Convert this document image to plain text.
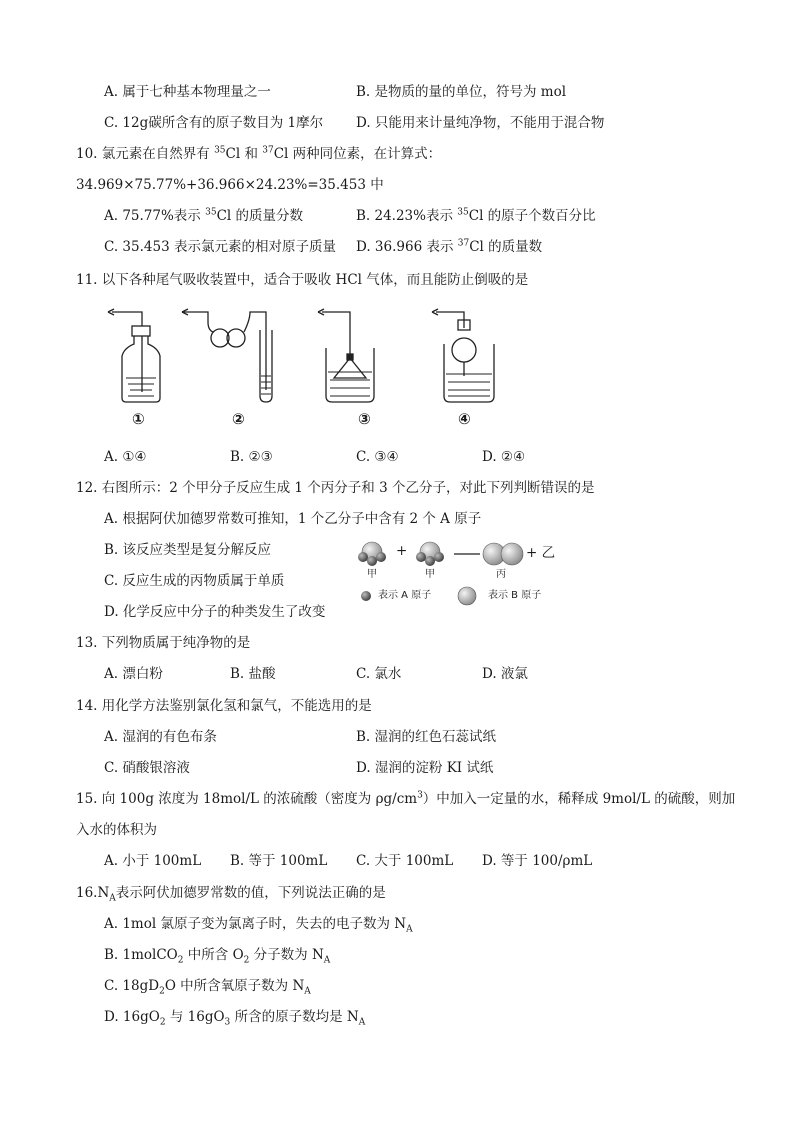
A. 属于七种基本物理量之一	B. 是物质的量的单位，符号为 mol
C. 12g碳所含有的原子数目为 1摩尔 D. 只能用来计量纯净物，不能用于混合物
10. 氯元素在自然界有 $^{35}$Cl 和 $^{37}$Cl 两种同位素，在计算式：
34.969×75.77%+36.966×24.23%=35.453 中
A. 75.77%表示 $^{35}$Cl 的质量分数	B. 24.23%表示 $^{35}$Cl 的原子个数百分比
C. 35.453 表示氯元素的相对原子质量 D. 36.966 表示 $^{37}$Cl 的质量数
11. 以下各种尾气吸收装置中，适合于吸收 HCl 气体，而且能防止倒吸的是
①	②	③	④
A. ①④	B. ②③	C. ③④	D. ②④
12. 右图所示：2 个甲分子反应生成 1 个丙分子和 3 个乙分子，对此下列判断错误的是
A. 根据阿伏加德罗常数可推知，1 个乙分子中含有 2 个 A 原子
B. 该反应类型是复分解反应
C. 反应生成的丙物质属于单质
D. 化学反应中分子的种类发生了改变
+	+ 乙
甲	甲	丙
表示 A 原子	表示 B 原子
13. 下列物质属于纯净物的是
A. 漂白粉	B. 盐酸	C. 氯水	D. 液氯
14. 用化学方法鉴别氯化氢和氯气，不能选用的是
A. 湿润的有色布条	B. 湿润的红色石蕊试纸
C. 硝酸银溶液	D. 湿润的淀粉 KI 试纸
15. 向 100g 浓度为 18mol/L 的浓硫酸（密度为 $\rho g/cm^3$）中加入一定量的水，稀释成 9mol/L 的硫酸，则加
入水的体积为
A. 小于 100mL B. 等于 100mL C. 大于 100mL D. 等于 100/ρmL
$16.N_A$表示阿伏加德罗常数的值，下列说法正确的是
A. 1mol 氯原子变为氯离子时，失去的电子数为 $N_A$
B. 1molCO$_2$ 中所含 $O_2$ 分子数为 $N_A$
C. $18gD_2O$ 中所含氧原子数为 $N_A$
D. $16gO_2$ 与 $16gO_3$ 所含的原子数均是 $N_A$
